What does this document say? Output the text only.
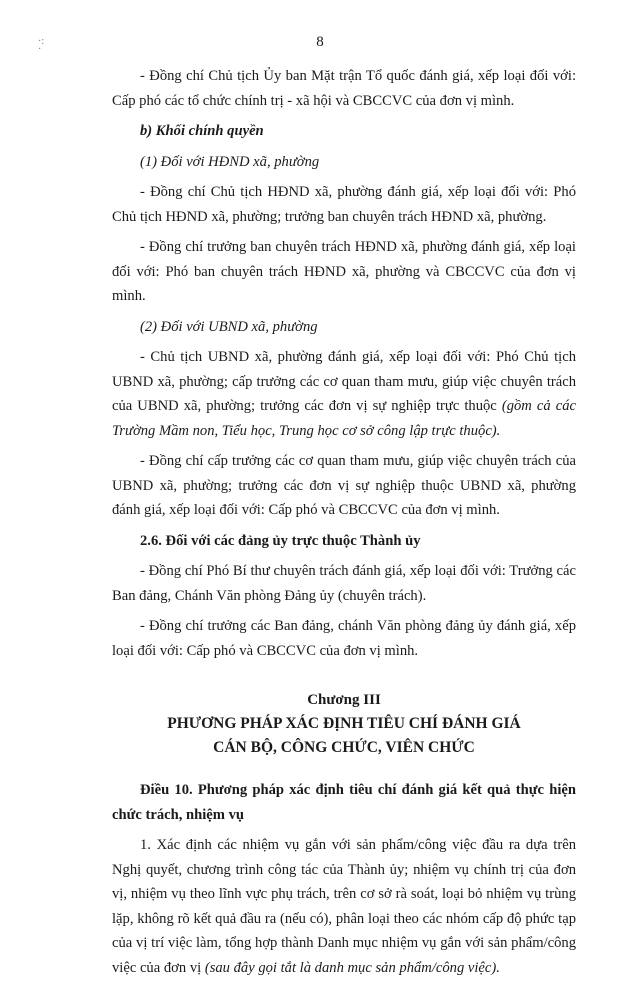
·:
·	8

- Đồng chí Chủ tịch Ủy ban Mặt trận Tổ quốc đánh giá, xếp loại đối với: Cấp phó các tổ chức chính trị - xã hội và CBCCVC của đơn vị mình.

b) Khối chính quyền

(1) Đối với HĐND xã, phường

- Đồng chí Chủ tịch HĐND xã, phường đánh giá, xếp loại đối với: Phó Chủ tịch HĐND xã, phường; trưởng ban chuyên trách HĐND xã, phường.

- Đồng chí trưởng ban chuyên trách HĐND xã, phường đánh giá, xếp loại đối với: Phó ban chuyên trách HĐND xã, phường và CBCCVC của đơn vị mình.

(2) Đối với UBND xã, phường

- Chủ tịch UBND xã, phường đánh giá, xếp loại đối với: Phó Chủ tịch UBND xã, phường; cấp trưởng các cơ quan tham mưu, giúp việc chuyên trách của UBND xã, phường; trưởng các đơn vị sự nghiệp trực thuộc (gồm cả các Trường Mầm non, Tiểu học, Trung học cơ sở công lập trực thuộc).

- Đồng chí cấp trưởng các cơ quan tham mưu, giúp việc chuyên trách của UBND xã, phường; trưởng các đơn vị sự nghiệp thuộc UBND xã, phường đánh giá, xếp loại đối với: Cấp phó và CBCCVC của đơn vị mình.

2.6. Đối với các đảng ủy trực thuộc Thành ủy

- Đồng chí Phó Bí thư chuyên trách đánh giá, xếp loại đối với: Trưởng các Ban đảng, Chánh Văn phòng Đảng ủy (chuyên trách).

- Đồng chí trưởng các Ban đảng, chánh Văn phòng đảng ủy đánh giá, xếp loại đối với: Cấp phó và CBCCVC của đơn vị mình.

Chương III
PHƯƠNG PHÁP XÁC ĐỊNH TIÊU CHÍ ĐÁNH GIÁ
CÁN BỘ, CÔNG CHỨC, VIÊN CHỨC

Điều 10. Phương pháp xác định tiêu chí đánh giá kết quả thực hiện chức trách, nhiệm vụ

1. Xác định các nhiệm vụ gắn với sản phẩm/công việc đầu ra dựa trên Nghị quyết, chương trình công tác của Thành ủy; nhiệm vụ chính trị của đơn vị, nhiệm vụ theo lĩnh vực phụ trách, trên cơ sở rà soát, loại bỏ nhiệm vụ trùng lặp, không rõ kết quả đầu ra (nếu có), phân loại theo các nhóm cấp độ phức tạp của vị trí việc làm, tổng hợp thành Danh mục nhiệm vụ gắn với sản phẩm/công việc của đơn vị (sau đây gọi tắt là danh mục sản phẩm/công việc).
